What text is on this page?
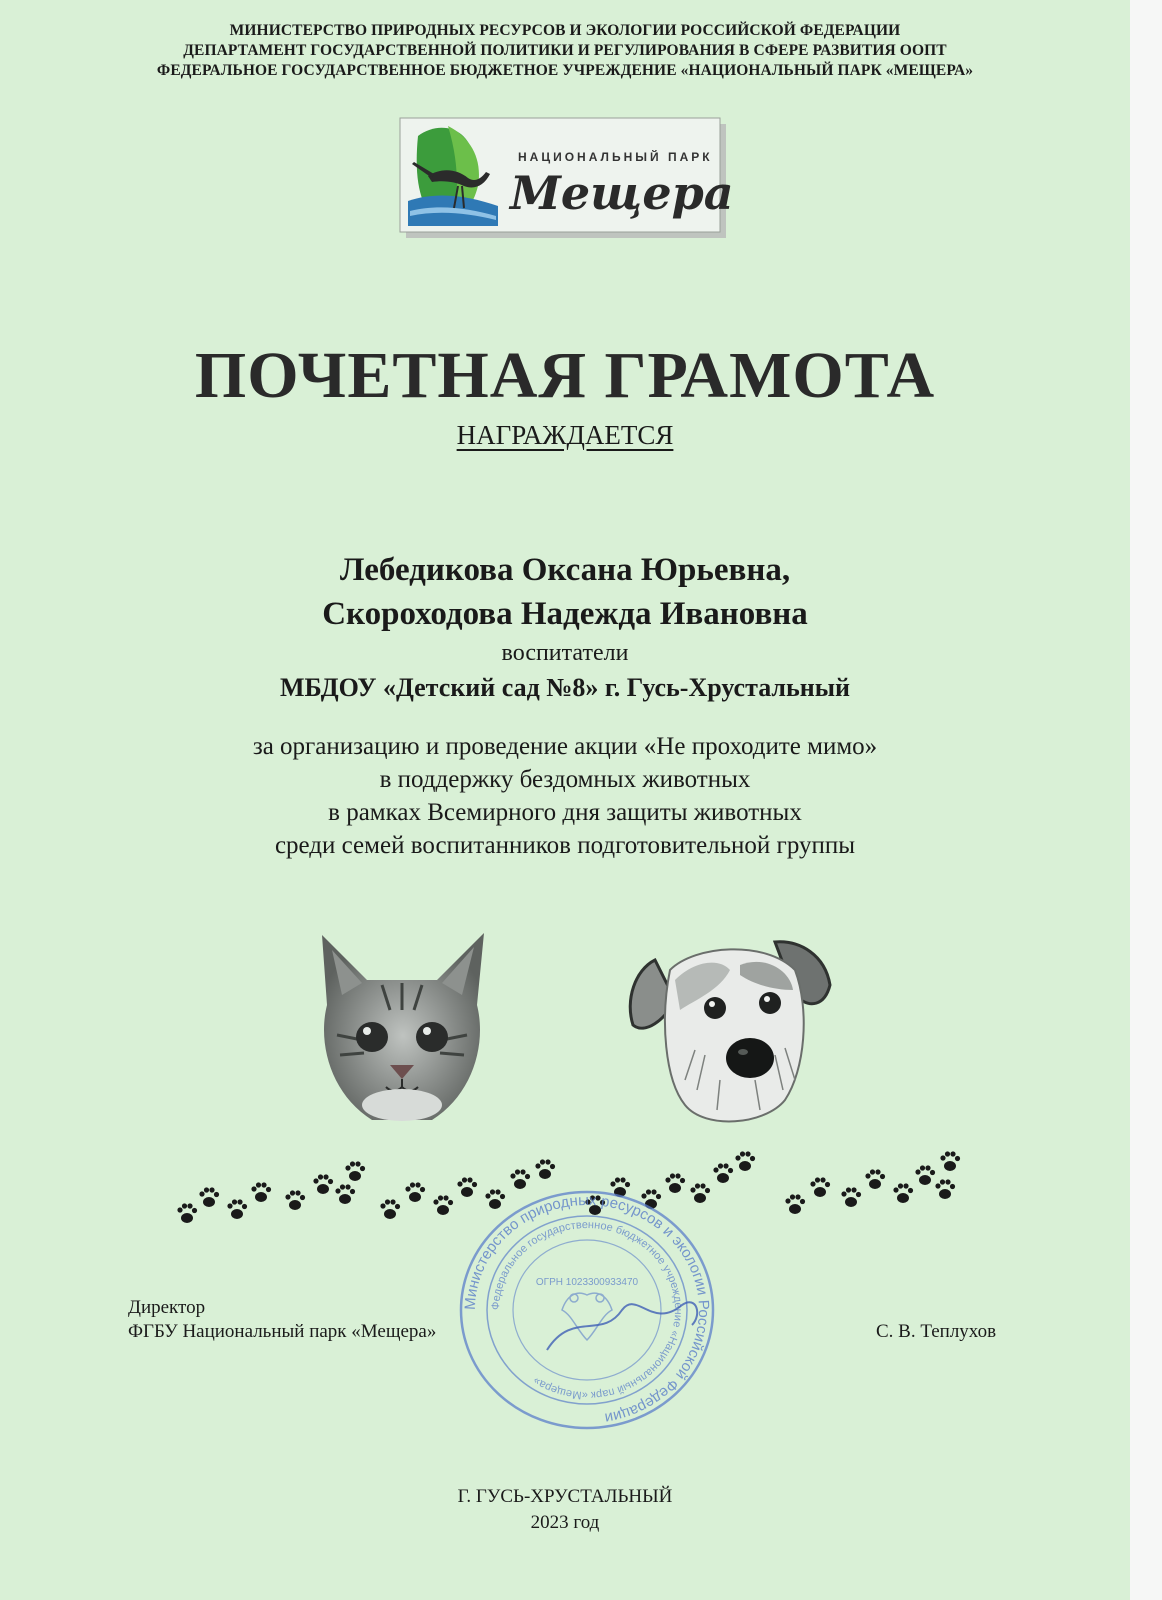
МИНИСТЕРСТВО ПРИРОДНЫХ РЕСУРСОВ И ЭКОЛОГИИ РОССИЙСКОЙ ФЕДЕРАЦИИ
ДЕПАРТАМЕНТ ГОСУДАРСТВЕННОЙ ПОЛИТИКИ И РЕГУЛИРОВАНИЯ В СФЕРЕ РАЗВИТИЯ ООПТ
ФЕДЕРАЛЬНОЕ ГОСУДАРСТВЕННОЕ БЮДЖЕТНОЕ УЧРЕЖДЕНИЕ «НАЦИОНАЛЬНЫЙ ПАРК «МЕЩЕРА»
НАЦИОНАЛЬНЫЙ ПАРК
Мещера
ПОЧЕТНАЯ ГРАМОТА
НАГРАЖДАЕТСЯ
Лебедикова Оксана Юрьевна,
Скороходова Надежда Ивановна
воспитатели
МБДОУ «Детский сад №8» г. Гусь-Хрустальный
за организацию и проведение акции «Не проходите мимо»
в поддержку бездомных животных
в рамках Всемирного дня защиты животных
среди семей воспитанников подготовительной группы
Директор
ФГБУ Национальный парк «Мещера»	С. В. Теплухов
Министерство природных ресурсов и экологии Российской Федерации
Федеральное государственное бюджетное учреждение «Национальный парк «Мещера»
ОГРН 1023300933470
Г. ГУСЬ-ХРУСТАЛЬНЫЙ
2023 год
